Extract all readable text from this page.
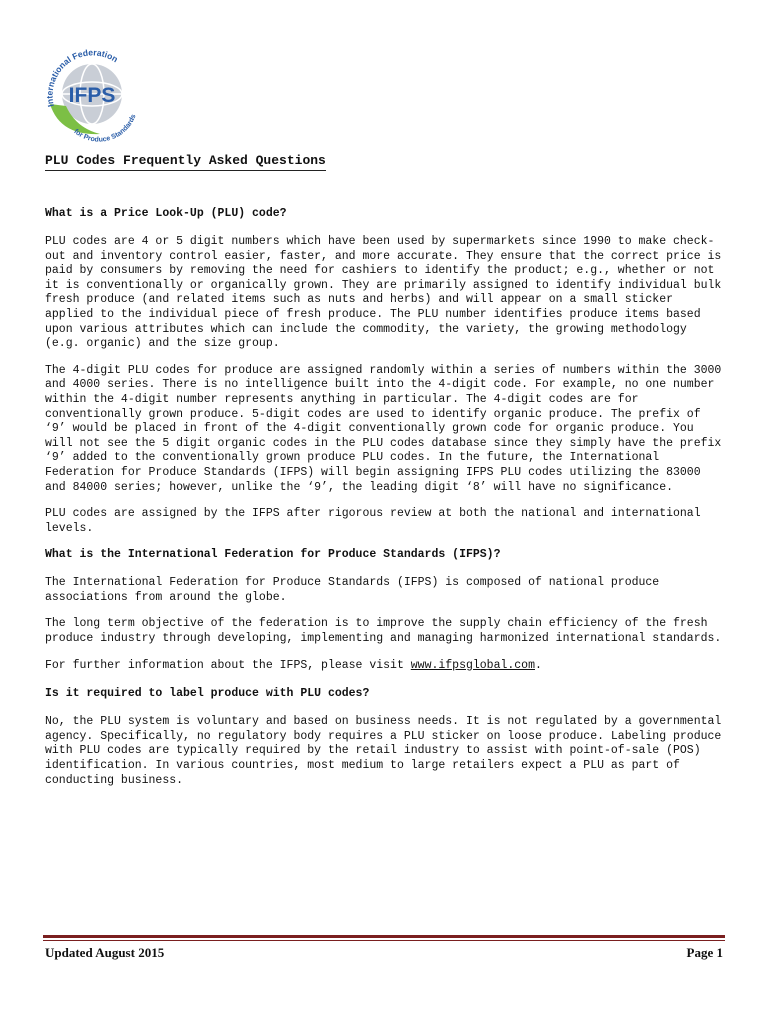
IFPS
International Federation
for Produce Standards
PLU Codes Frequently Asked Questions
What is a Price Look-Up (PLU) code?

PLU codes are 4 or 5 digit numbers which have been used by supermarkets since 1990 to make check-out and inventory control easier, faster, and more accurate. They ensure that the correct price is paid by consumers by removing the need for cashiers to identify the product; e.g., whether or not it is conventionally or organically grown. They are primarily assigned to identify individual bulk fresh produce (and related items such as nuts and herbs) and will appear on a small sticker applied to the individual piece of fresh produce. The PLU number identifies produce items based upon various attributes which can include the commodity, the variety, the growing methodology (e.g. organic) and the size group.

The 4-digit PLU codes for produce are assigned randomly within a series of numbers within the 3000 and 4000 series. There is no intelligence built into the 4-digit code. For example, no one number within the 4-digit number represents anything in particular. The 4-digit codes are for conventionally grown produce. 5-digit codes are used to identify organic produce. The prefix of ‘9’ would be placed in front of the 4-digit conventionally grown code for organic produce. You will not see the 5 digit organic codes in the PLU codes database since they simply have the prefix ‘9’ added to the conventionally grown produce PLU codes. In the future, the International Federation for Produce Standards (IFPS) will begin assigning IFPS PLU codes utilizing the 83000 and 84000 series; however, unlike the ‘9’, the leading digit ‘8’ will have no significance.

PLU codes are assigned by the IFPS after rigorous review at both the national and international levels.

What is the International Federation for Produce Standards (IFPS)?

The International Federation for Produce Standards (IFPS) is composed of national produce associations from around the globe.

The long term objective of the federation is to improve the supply chain efficiency of the fresh produce industry through developing, implementing and managing harmonized international standards.

For further information about the IFPS, please visit www.ifpsglobal.com.

Is it required to label produce with PLU codes?

No, the PLU system is voluntary and based on business needs. It is not regulated by a governmental agency. Specifically, no regulatory body requires a PLU sticker on loose produce. Labeling produce with PLU codes are typically required by the retail industry to assist with point-of-sale (POS) identification. In various countries, most medium to large retailers expect a PLU as part of conducting business.

Updated August 2015	Page 1
